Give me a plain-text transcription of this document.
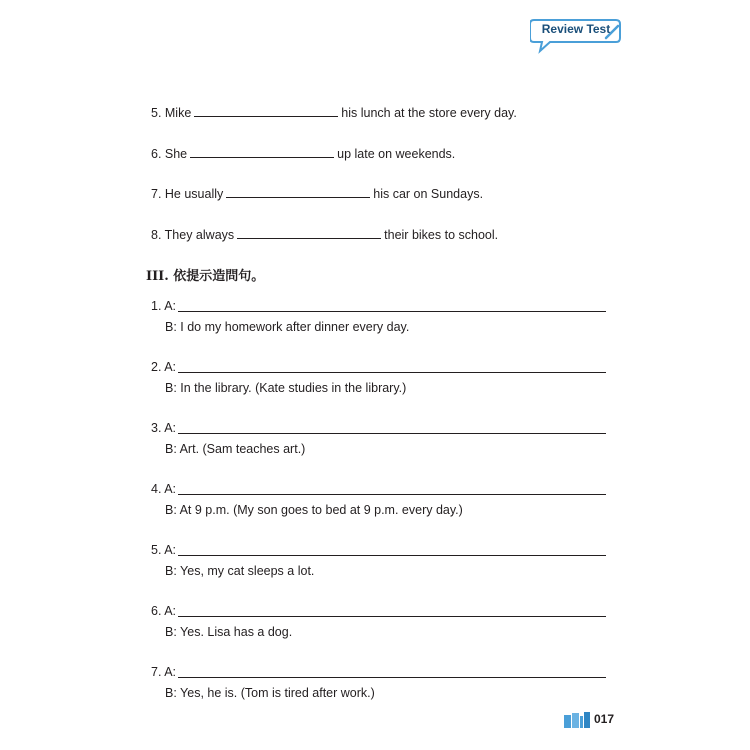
Review Test
5. Mike	his lunch at the store every day.
6. She	up late on weekends.
7. He usually	his car on Sundays.
8. They always	their bikes to school.
III. 依提示造問句。
1. A:
B: I do my homework after dinner every day.
2. A:
B: In the library. (Kate studies in the library.)
3. A:
B: Art. (Sam teaches art.)
4. A:
B: At 9 p.m. (My son goes to bed at 9 p.m. every day.)
5. A:
B: Yes, my cat sleeps a lot.
6. A:
B: Yes. Lisa has a dog.
7. A:
B: Yes, he is. (Tom is tired after work.)
017
